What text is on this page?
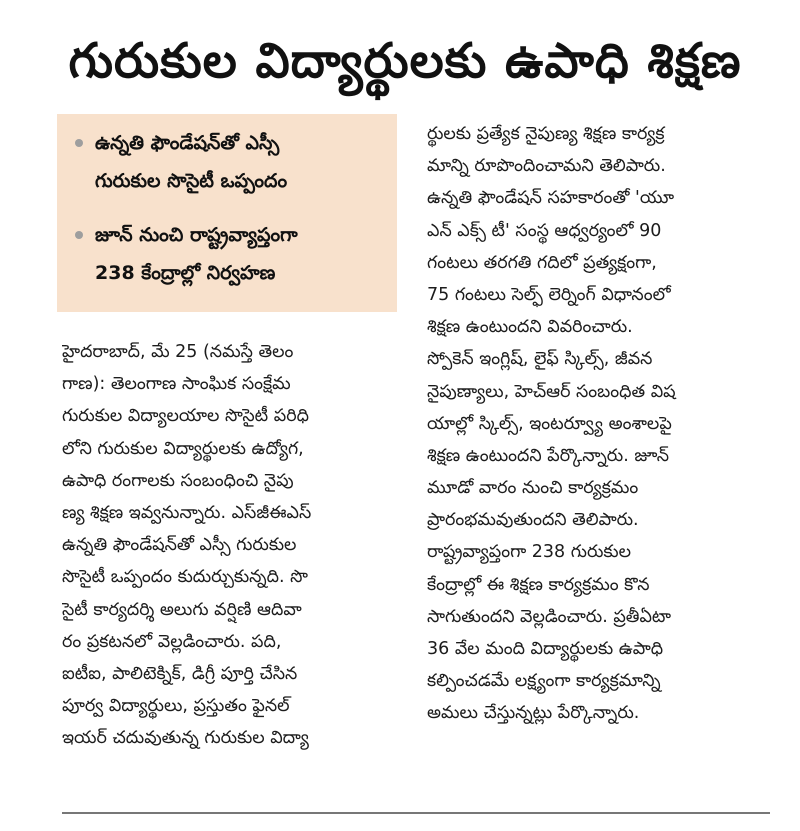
గురుకుల విద్యార్థులకు ఉపాధి శిక్షణ
ఉన్నతి ఫౌండేషన్‌తో ఎస్సీ
గురుకుల సొసైటీ ఒప్పందం
జూన్ నుంచి రాష్ట్రవ్యాప్తంగా
238 కేంద్రాల్లో నిర్వహణ
హైదరాబాద్, మే 25 (నమస్తే తెలం
గాణ): తెలంగాణ సాంఘిక సంక్షేమ
గురుకుల విద్యాలయాల సొసైటీ పరిధి
లోని గురుకుల విద్యార్థులకు ఉద్యోగ,
ఉపాధి రంగాలకు సంబంధించి నైపు
ణ్య శిక్షణ ఇవ్వనున్నారు. ఎస్‌జీఈఎస్
ఉన్నతి ఫౌండేషన్‌తో ఎస్సీ గురుకుల
సొసైటీ ఒప్పందం కుదుర్చుకున్నది. సొ
సైటీ కార్యదర్శి అలుగు వర్షిణి ఆదివా
రం ప్రకటనలో వెల్లడించారు. పది,
ఐటీఐ, పాలిటెక్నిక్, డిగ్రీ పూర్తి చేసిన
పూర్వ విద్యార్థులు, ప్రస్తుతం ఫైనల్
ఇయర్ చదువుతున్న గురుకుల విద్యా
ర్థులకు ప్రత్యేక నైపుణ్య శిక్షణ కార్యక్ర
మాన్ని రూపొందించామని తెలిపారు.
ఉన్నతి ఫౌండేషన్ సహకారంతో 'యూ
ఎన్ ఎక్స్ టీ' సంస్థ ఆధ్వర్యంలో 90
గంటలు తరగతి గదిలో ప్రత్యక్షంగా,
75 గంటలు సెల్ఫ్ లెర్నింగ్ విధానంలో
శిక్షణ ఉంటుందని వివరించారు.
స్పోకెన్ ఇంగ్లిష్, లైఫ్ స్కిల్స్, జీవన
నైపుణ్యాలు, హెచ్‌ఆర్ సంబంధిత విష
యాల్లో స్కిల్స్, ఇంటర్వ్యూ అంశాలపై
శిక్షణ ఉంటుందని పేర్కొన్నారు. జూన్
మూడో వారం నుంచి కార్యక్రమం
ప్రారంభమవుతుందని తెలిపారు.
రాష్ట్రవ్యాప్తంగా 238 గురుకుల
కేంద్రాల్లో ఈ శిక్షణ కార్యక్రమం కొన
సాగుతుందని వెల్లడించారు. ప్రతీఏటా
36 వేల మంది విద్యార్థులకు ఉపాధి
కల్పించడమే లక్ష్యంగా కార్యక్రమాన్ని
అమలు చేస్తున్నట్లు పేర్కొన్నారు.
